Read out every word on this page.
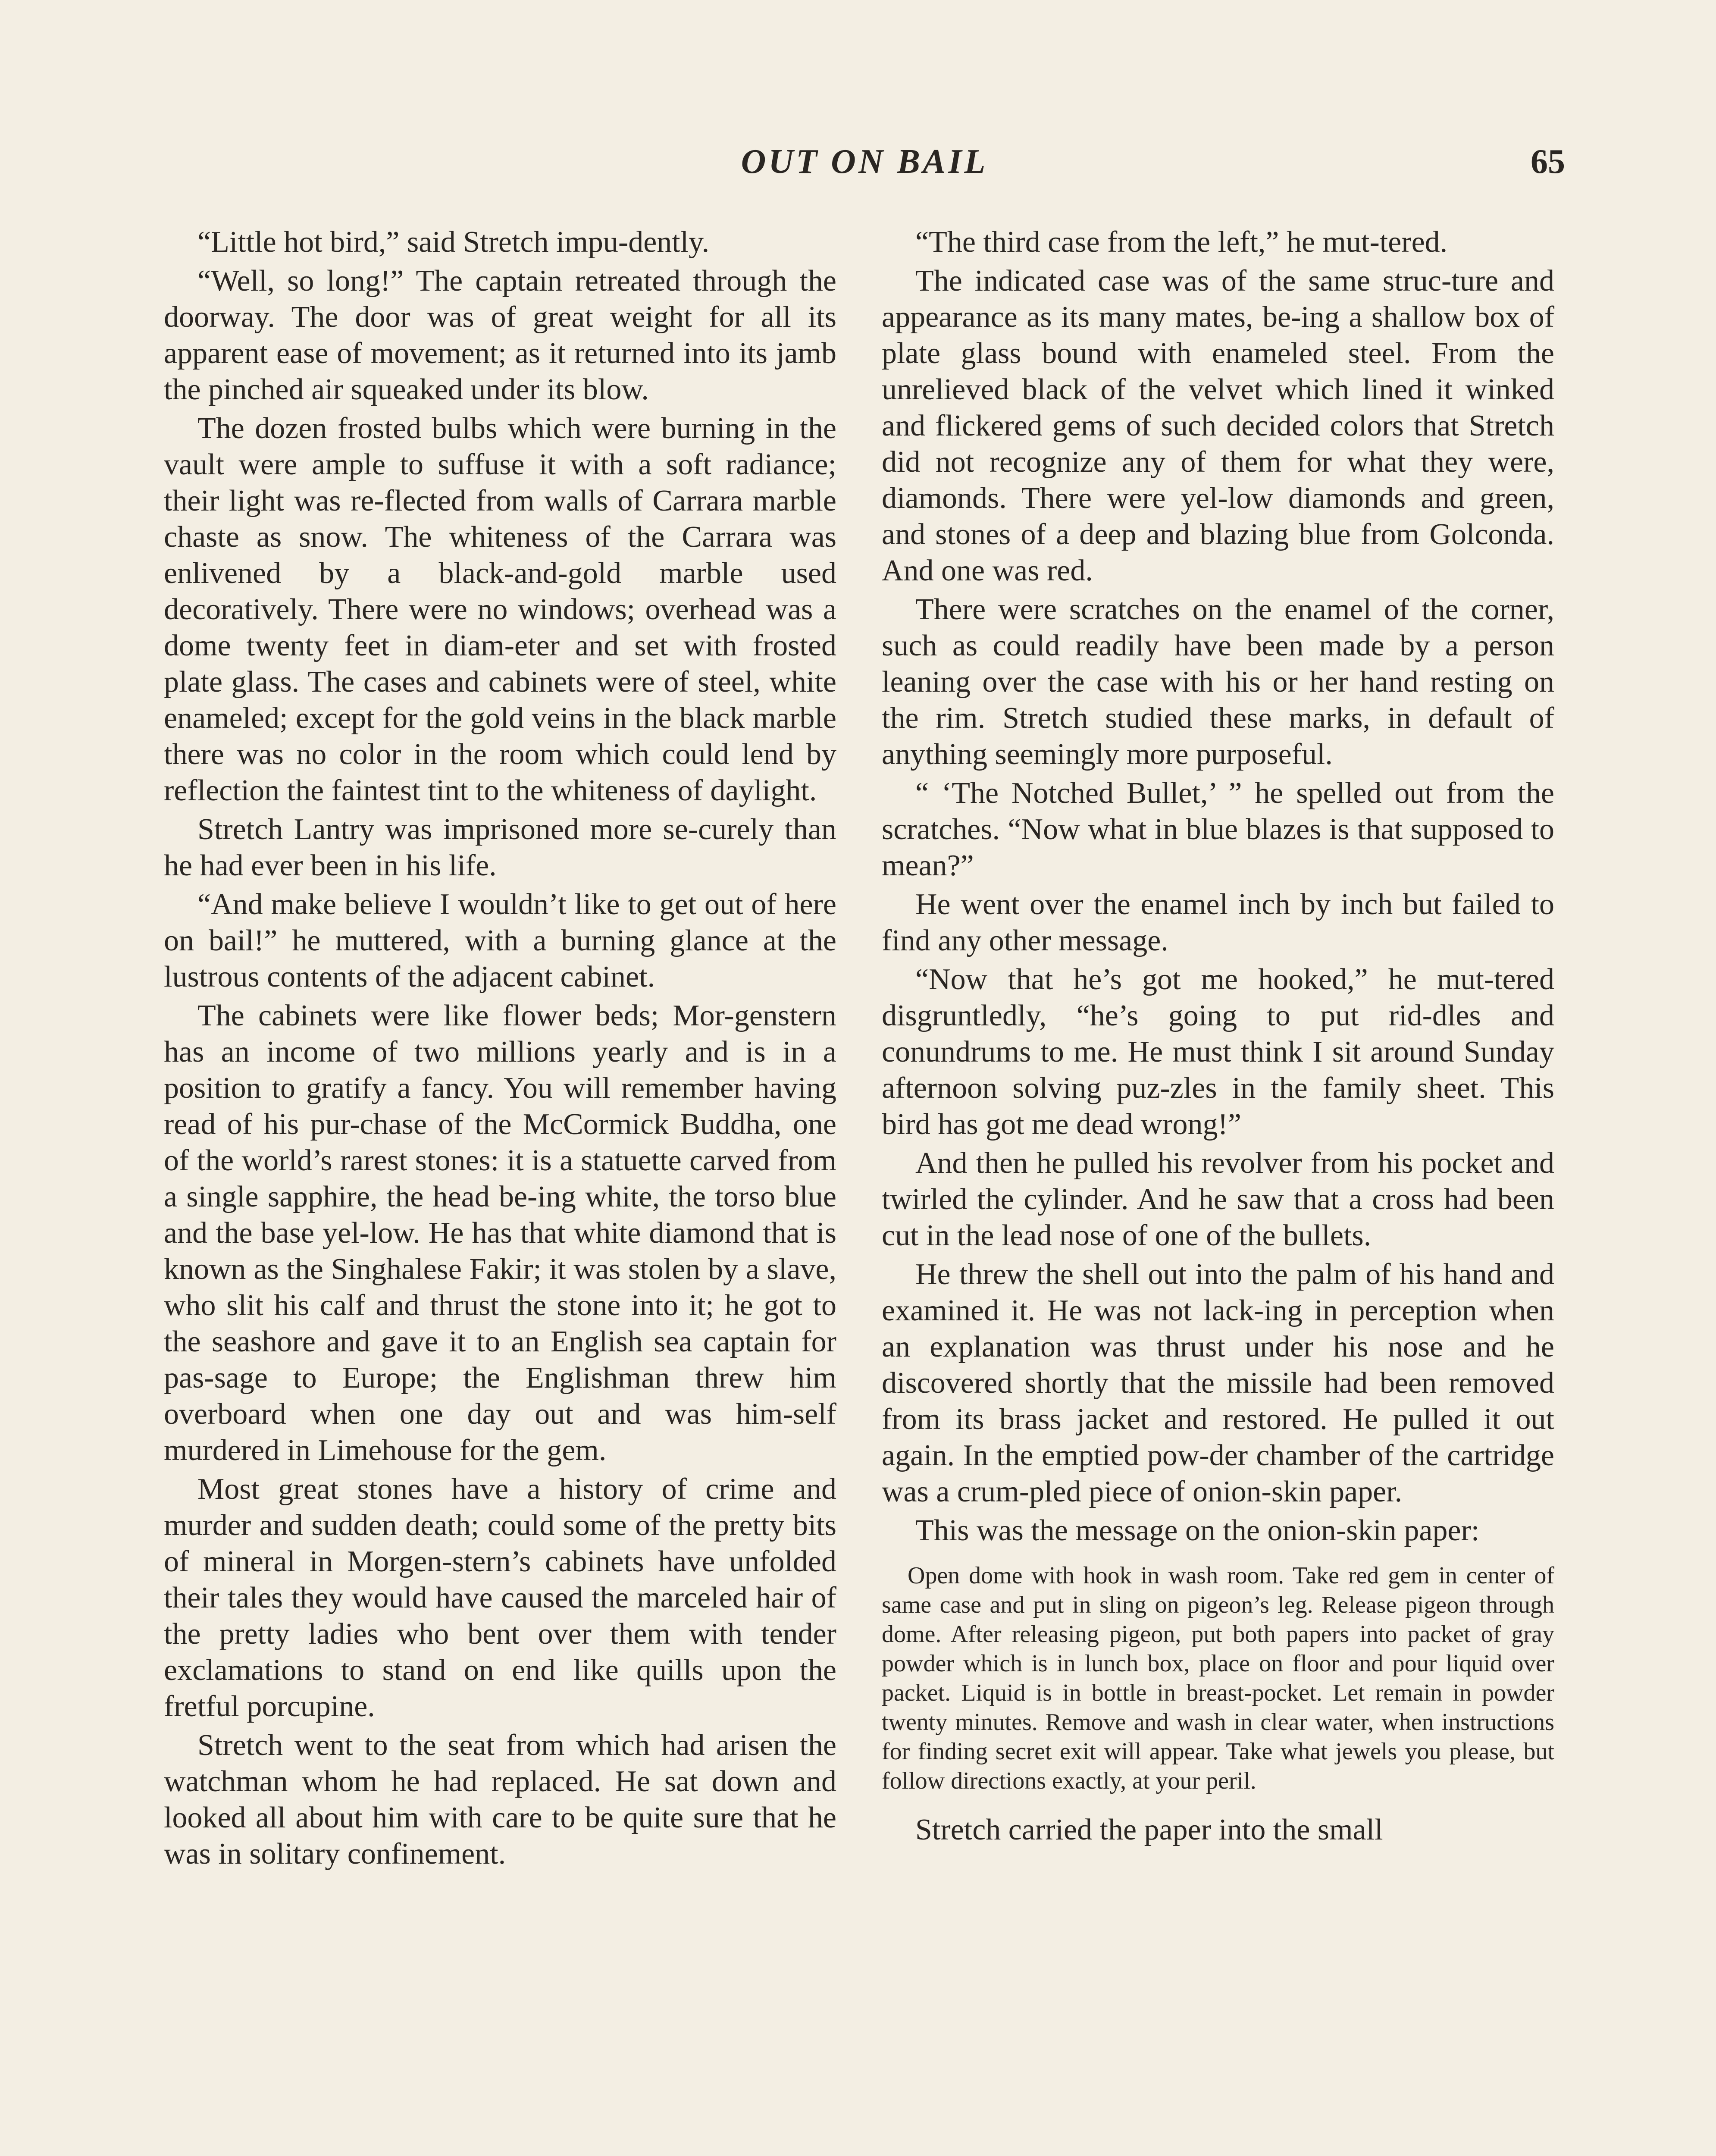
OUT ON BAIL	65

“Little hot bird,” said Stretch impu-dently.

“Well, so long!” The captain retreated through the doorway. The door was of great weight for all its apparent ease of movement; as it returned into its jamb the pinched air squeaked under its blow.

The dozen frosted bulbs which were burning in the vault were ample to suffuse it with a soft radiance; their light was re-flected from walls of Carrara marble chaste as snow. The whiteness of the Carrara was enlivened by a black-and-gold marble used decoratively. There were no windows; overhead was a dome twenty feet in diam-eter and set with frosted plate glass. The cases and cabinets were of steel, white enameled; except for the gold veins in the black marble there was no color in the room which could lend by reflection the faintest tint to the whiteness of daylight.

Stretch Lantry was imprisoned more se-curely than he had ever been in his life.

“And make believe I wouldn’t like to get out of here on bail!” he muttered, with a burning glance at the lustrous contents of the adjacent cabinet.

The cabinets were like flower beds; Mor-genstern has an income of two millions yearly and is in a position to gratify a fancy. You will remember having read of his pur-chase of the McCormick Buddha, one of the world’s rarest stones: it is a statuette carved from a single sapphire, the head be-ing white, the torso blue and the base yel-low. He has that white diamond that is known as the Singhalese Fakir; it was stolen by a slave, who slit his calf and thrust the stone into it; he got to the seashore and gave it to an English sea captain for pas-sage to Europe; the Englishman threw him overboard when one day out and was him-self murdered in Limehouse for the gem.

Most great stones have a history of crime and murder and sudden death; could some of the pretty bits of mineral in Morgen-stern’s cabinets have unfolded their tales they would have caused the marceled hair of the pretty ladies who bent over them with tender exclamations to stand on end like quills upon the fretful porcupine.

Stretch went to the seat from which had arisen the watchman whom he had replaced. He sat down and looked all about him with care to be quite sure that he was in solitary confinement.

“The third case from the left,” he mut-tered.

The indicated case was of the same struc-ture and appearance as its many mates, be-ing a shallow box of plate glass bound with enameled steel. From the unrelieved black of the velvet which lined it winked and flickered gems of such decided colors that Stretch did not recognize any of them for what they were, diamonds. There were yel-low diamonds and green, and stones of a deep and blazing blue from Golconda. And one was red.

There were scratches on the enamel of the corner, such as could readily have been made by a person leaning over the case with his or her hand resting on the rim. Stretch studied these marks, in default of anything seemingly more purposeful.

“ ‘The Notched Bullet,’ ” he spelled out from the scratches. “Now what in blue blazes is that supposed to mean?”

He went over the enamel inch by inch but failed to find any other message.

“Now that he’s got me hooked,” he mut-tered disgruntledly, “he’s going to put rid-dles and conundrums to me. He must think I sit around Sunday afternoon solving puz-zles in the family sheet. This bird has got me dead wrong!”

And then he pulled his revolver from his pocket and twirled the cylinder. And he saw that a cross had been cut in the lead nose of one of the bullets.

He threw the shell out into the palm of his hand and examined it. He was not lack-ing in perception when an explanation was thrust under his nose and he discovered shortly that the missile had been removed from its brass jacket and restored. He pulled it out again. In the emptied pow-der chamber of the cartridge was a crum-pled piece of onion-skin paper.

This was the message on the onion-skin paper:

Open dome with hook in wash room. Take red gem in center of same case and put in sling on pigeon’s leg. Release pigeon through dome. After releasing pigeon, put both papers into packet of gray powder which is in lunch box, place on floor and pour liquid over packet. Liquid is in bottle in breast-pocket. Let remain in powder twenty minutes. Remove and wash in clear water, when instructions for finding secret exit will appear. Take what jewels you please, but follow directions exactly, at your peril.

Stretch carried the paper into the small
